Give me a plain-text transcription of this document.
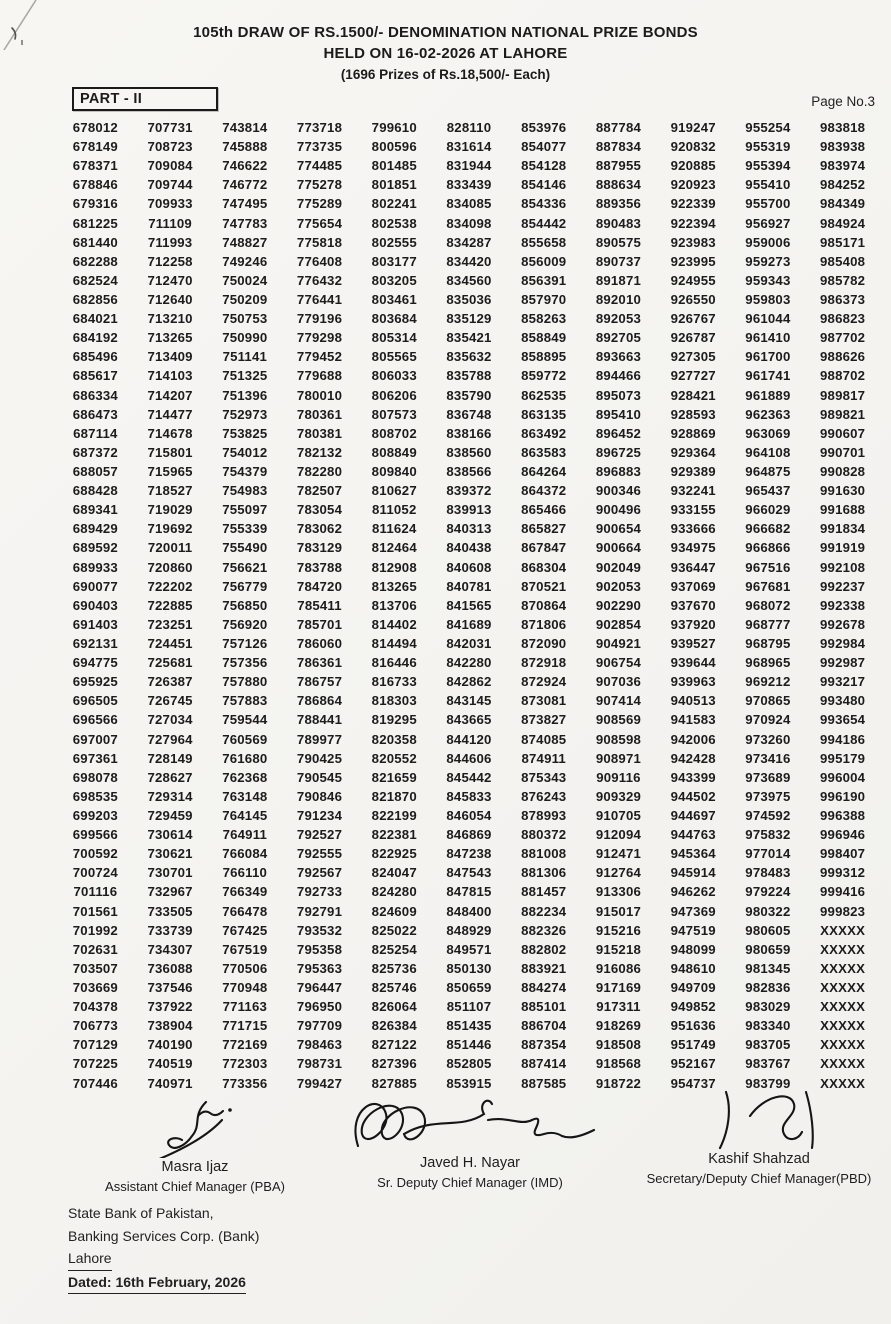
105th DRAW OF RS.1500/- DENOMINATION NATIONAL PRIZE BONDS
HELD ON 16-02-2026 AT LAHORE
(1696 Prizes of Rs.18,500/- Each)
PART - II	Page No.3
678012	707731	743814	773718	799610	828110	853976	887784	919247	955254	983818
678149	708723	745888	773735	800596	831614	854077	887834	920832	955319	983938
678371	709084	746622	774485	801485	831944	854128	887955	920885	955394	983974
678846	709744	746772	775278	801851	833439	854146	888634	920923	955410	984252
679316	709933	747495	775289	802241	834085	854336	889356	922339	955700	984349
681225	711109	747783	775654	802538	834098	854442	890483	922394	956927	984924
681440	711993	748827	775818	802555	834287	855658	890575	923983	959006	985171
682288	712258	749246	776408	803177	834420	856009	890737	923995	959273	985408
682524	712470	750024	776432	803205	834560	856391	891871	924955	959343	985782
682856	712640	750209	776441	803461	835036	857970	892010	926550	959803	986373
684021	713210	750753	779196	803684	835129	858263	892053	926767	961044	986823
684192	713265	750990	779298	805314	835421	858849	892705	926787	961410	987702
685496	713409	751141	779452	805565	835632	858895	893663	927305	961700	988626
685617	714103	751325	779688	806033	835788	859772	894466	927727	961741	988702
686334	714207	751396	780010	806206	835790	862535	895073	928421	961889	989817
686473	714477	752973	780361	807573	836748	863135	895410	928593	962363	989821
687114	714678	753825	780381	808702	838166	863492	896452	928869	963069	990607
687372	715801	754012	782132	808849	838560	863583	896725	929364	964108	990701
688057	715965	754379	782280	809840	838566	864264	896883	929389	964875	990828
688428	718527	754983	782507	810627	839372	864372	900346	932241	965437	991630
689341	719029	755097	783054	811052	839913	865466	900496	933155	966029	991688
689429	719692	755339	783062	811624	840313	865827	900654	933666	966682	991834
689592	720011	755490	783129	812464	840438	867847	900664	934975	966866	991919
689933	720860	756621	783788	812908	840608	868304	902049	936447	967516	992108
690077	722202	756779	784720	813265	840781	870521	902053	937069	967681	992237
690403	722885	756850	785411	813706	841565	870864	902290	937670	968072	992338
691403	723251	756920	785701	814402	841689	871806	902854	937920	968777	992678
692131	724451	757126	786060	814494	842031	872090	904921	939527	968795	992984
694775	725681	757356	786361	816446	842280	872918	906754	939644	968965	992987
695925	726387	757880	786757	816733	842862	872924	907036	939963	969212	993217
696505	726745	757883	786864	818303	843145	873081	907414	940513	970865	993480
696566	727034	759544	788441	819295	843665	873827	908569	941583	970924	993654
697007	727964	760569	789977	820358	844120	874085	908598	942006	973260	994186
697361	728149	761680	790425	820552	844606	874911	908971	942428	973416	995179
698078	728627	762368	790545	821659	845442	875343	909116	943399	973689	996004
698535	729314	763148	790846	821870	845833	876243	909329	944502	973975	996190
699203	729459	764145	791234	822199	846054	878993	910705	944697	974592	996388
699566	730614	764911	792527	822381	846869	880372	912094	944763	975832	996946
700592	730621	766084	792555	822925	847238	881008	912471	945364	977014	998407
700724	730701	766110	792567	824047	847543	881306	912764	945914	978483	999312
701116	732967	766349	792733	824280	847815	881457	913306	946262	979224	999416
701561	733505	766478	792791	824609	848400	882234	915017	947369	980322	999823
701992	733739	767425	793532	825022	848929	882326	915216	947519	980605	XXXXX
702631	734307	767519	795358	825254	849571	882802	915218	948099	980659	XXXXX
703507	736088	770506	795363	825736	850130	883921	916086	948610	981345	XXXXX
703669	737546	770948	796447	825746	850659	884274	917169	949709	982836	XXXXX
704378	737922	771163	796950	826064	851107	885101	917311	949852	983029	XXXXX
706773	738904	771715	797709	826384	851435	886704	918269	951636	983340	XXXXX
707129	740190	772169	798463	827122	851446	887354	918508	951749	983705	XXXXX
707225	740519	772303	798731	827396	852805	887414	918568	952167	983767	XXXXX
707446	740971	773356	799427	827885	853915	887585	918722	954737	983799	XXXXX
Masra Ijaz
Assistant Chief Manager (PBA)
Javed H. Nayar
Sr. Deputy Chief Manager (IMD)
Kashif Shahzad
Secretary/Deputy Chief Manager(PBD)
State Bank of Pakistan,
Banking Services Corp. (Bank)
Lahore
Dated: 16th February, 2026
